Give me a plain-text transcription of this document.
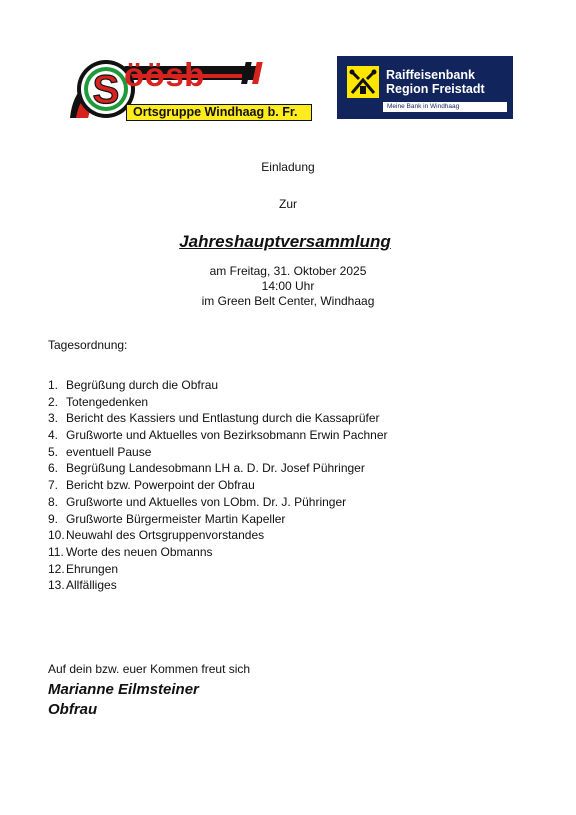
S öösb
Ortsgruppe Windhaag b. Fr.
Raiffeisenbank
Region Freistadt
Meine Bank in Windhaag
Einladung
Zur
Jahreshauptversammlung
am Freitag, 31. Oktober 2025
14:00 Uhr
im Green Belt Center, Windhaag
Tagesordnung:
1. Begrüßung durch die Obfrau
2. Totengedenken
3. Bericht des Kassiers und Entlastung durch die Kassaprüfer
4. Grußworte und Aktuelles von Bezirksobmann Erwin Pachner
5. eventuell Pause
6. Begrüßung Landesobmann LH a. D. Dr. Josef Pühringer
7. Bericht bzw. Powerpoint der Obfrau
8. Grußworte und Aktuelles von LObm. Dr. J. Pühringer
9. Grußworte Bürgermeister Martin Kapeller
10.Neuwahl des Ortsgruppenvorstandes
11. Worte des neuen Obmanns
12.Ehrungen
13.Allfälliges
Auf dein bzw. euer Kommen freut sich
Marianne Eilmsteiner
Obfrau
